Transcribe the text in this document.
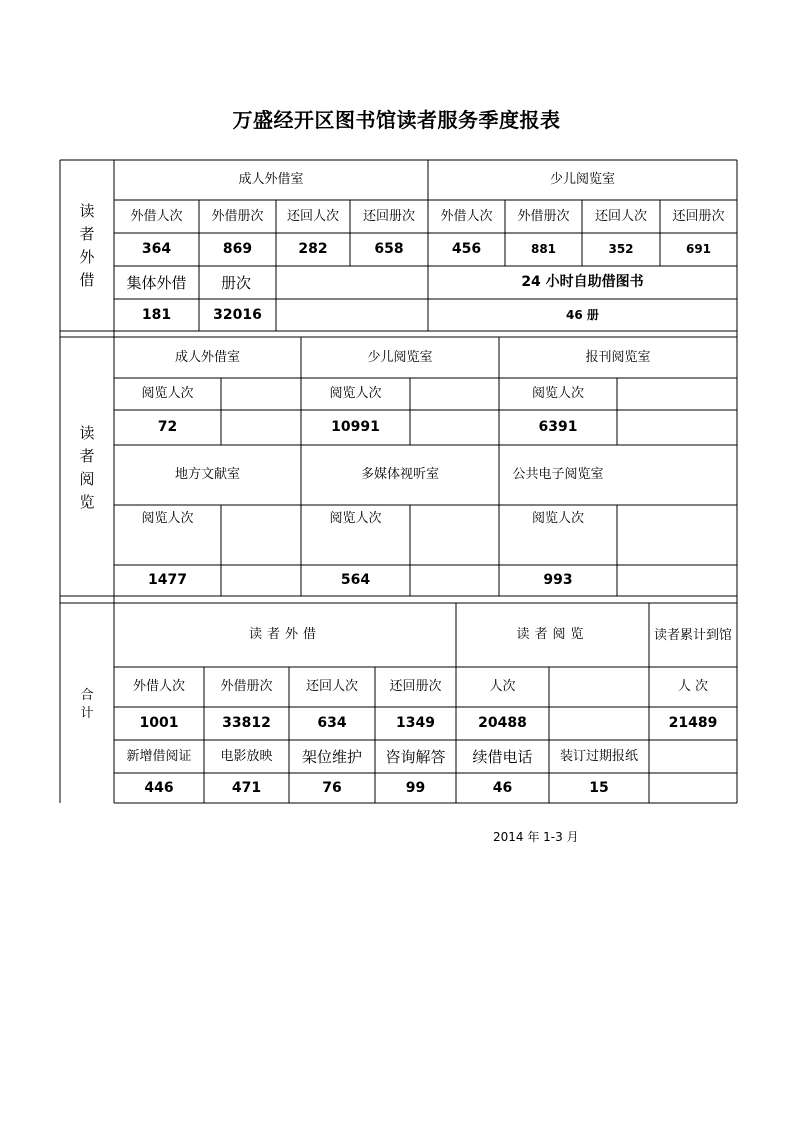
万盛经开区图书馆读者服务季度报表
读者外借
成人外借室	少儿阅览室
外借人次	外借册次	还回人次	还回册次	外借人次	外借册次	还回人次	还回册次
364	869	282	658	456	881	352	691
集体外借	册次	24 小时自助借图书
181	32016	46 册
读者阅览
成人外借室	少儿阅览室	报刊阅览室
阅览人次	阅览人次	阅览人次
72	10991	6391
地方文献室	多媒体视听室	公共电子阅览室
阅览人次	阅览人次	阅览人次
1477	564	993
合计
读者外借	读者阅览	读者累计到馆
外借人次	外借册次	还回人次	还回册次	人次	人 次
1001	33812	634	1349	20488	21489
新增借阅证	电影放映	架位维护	咨询解答	续借电话	装订过期报纸
446	471	76	99	46	15
2014 年 1-3 月
